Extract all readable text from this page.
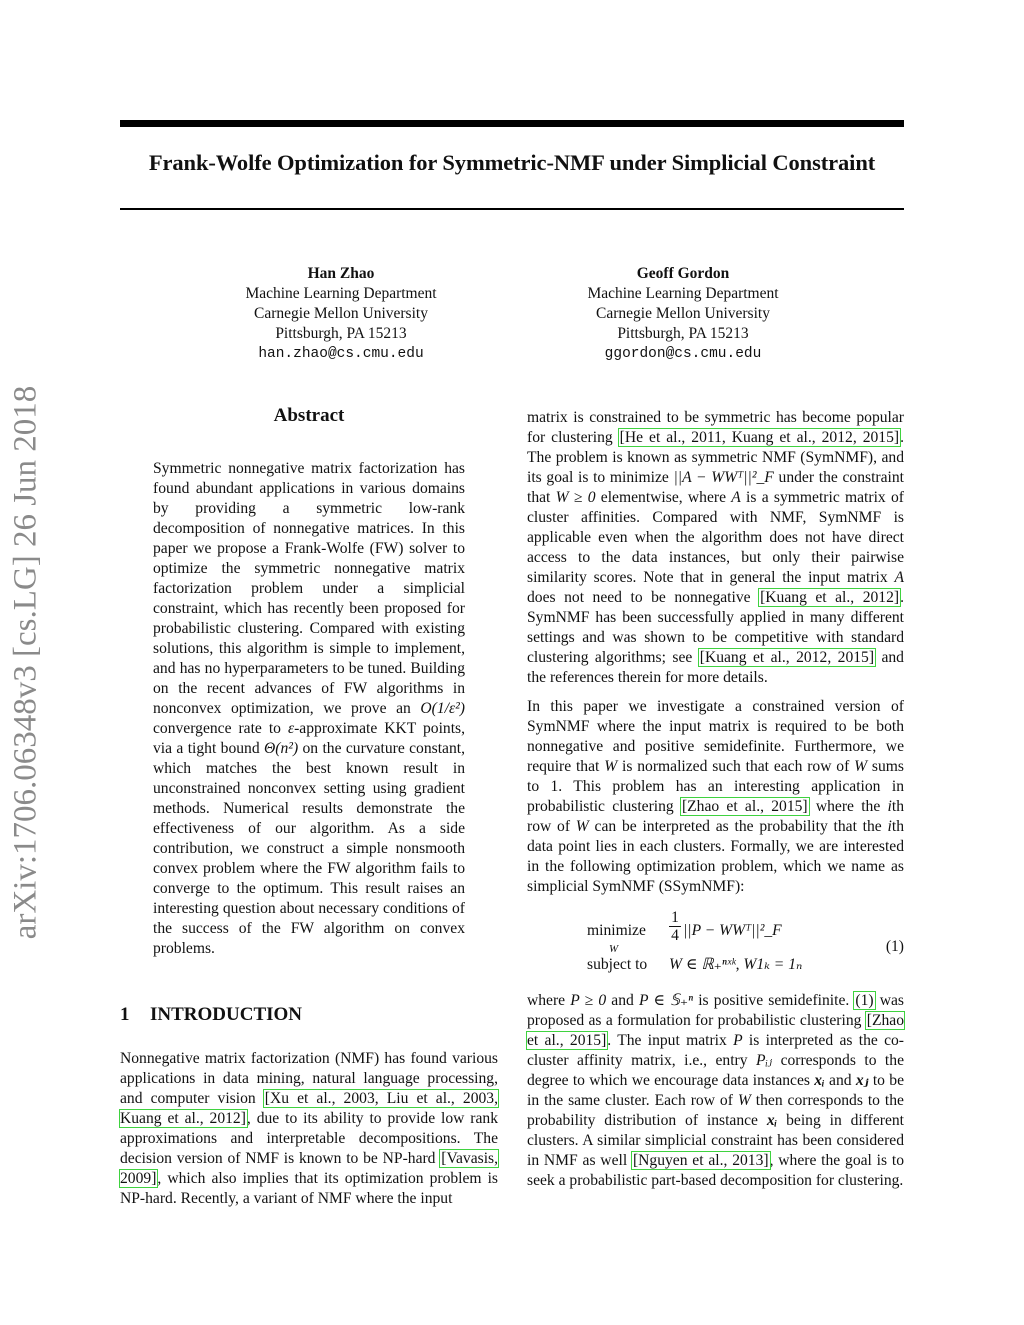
Frank-Wolfe Optimization for Symmetric-NMF under Simplicial Constraint
Han Zhao
Machine Learning Department
Carnegie Mellon University
Pittsburgh, PA 15213
han.zhao@cs.cmu.edu
Geoff Gordon
Machine Learning Department
Carnegie Mellon University
Pittsburgh, PA 15213
ggordon@cs.cmu.edu
arXiv:1706.06348v3 [cs.LG] 26 Jun 2018	Abstract
Symmetric nonnegative matrix factorization has found abundant applications in various domains by providing a symmetric low-rank decomposition of nonnegative matrices. In this paper we propose a Frank-Wolfe (FW) solver to optimize the symmetric nonnegative matrix factorization problem under a simplicial constraint, which has recently been proposed for probabilistic clustering. Compared with existing solutions, this algorithm is simple to implement, and has no hyperparameters to be tuned. Building on the recent advances of FW algorithms in nonconvex optimization, we prove an O(1/ε²) convergence rate to ε-approximate KKT points, via a tight bound Θ(n²) on the curvature constant, which matches the best known result in unconstrained nonconvex setting using gradient methods. Numerical results demonstrate the effectiveness of our algorithm. As a side contribution, we construct a simple nonsmooth convex problem where the FW algorithm fails to converge to the optimum. This result raises an interesting question about necessary conditions of the success of the FW algorithm on convex problems.
1 INTRODUCTION
Nonnegative matrix factorization (NMF) has found various applications in data mining, natural language processing, and computer vision [Xu et al., 2003, Liu et al., 2003, Kuang et al., 2012], due to its ability to provide low rank approximations and interpretable decompositions. The decision version of NMF is known to be NP-hard [Vavasis, 2009], which also implies that its optimization problem is NP-hard. Recently, a variant of NMF where the input

matrix is constrained to be symmetric has become popular for clustering [He et al., 2011, Kuang et al., 2012, 2015]. The problem is known as symmetric NMF (SymNMF), and its goal is to minimize ||A − WWᵀ||²_F under the constraint that W ≥ 0 elementwise, where A is a symmetric matrix of cluster affinities. Compared with NMF, SymNMF is applicable even when the algorithm does not have direct access to the data instances, but only their pairwise similarity scores. Note that in general the input matrix A does not need to be nonnegative [Kuang et al., 2012]. SymNMF has been successfully applied in many different settings and was shown to be competitive with standard clustering algorithms; see [Kuang et al., 2012, 2015] and the references therein for more details.

In this paper we investigate a constrained version of SymNMF where the input matrix is required to be both nonnegative and positive semidefinite. Furthermore, we require that W is normalized such that each row of W sums to 1. This problem has an interesting application in probabilistic clustering [Zhao et al., 2015] where the ith row of W can be interpreted as the probability that the ith data point lies in each clusters. Formally, we are interested in the following optimization problem, which we name as simplicial SymNMF (SSymNMF):

minimize
W
subject to
$\frac{1}{4} ||P$ − WWᵀ||²_F
W ∈ ℝ₊ⁿˣᵏ, W1ₖ = 1ₙ
(1)

where P ≥ 0 and P ∈ 𝕊₊ⁿ is positive semidefinite. (1) was proposed as a formulation for probabilistic clustering [Zhao et al., 2015]. The input matrix P is interpreted as the co-cluster affinity matrix, i.e., entry Pᵢⱼ corresponds to the degree to which we encourage data instances xᵢ and xⱼ to be in the same cluster. Each row of W then corresponds to the probability distribution of instance xᵢ being in different clusters. A similar simplicial constraint has been considered in NMF as well [Nguyen et al., 2013], where the goal is to seek a probabilistic part-based decomposition for clustering.
